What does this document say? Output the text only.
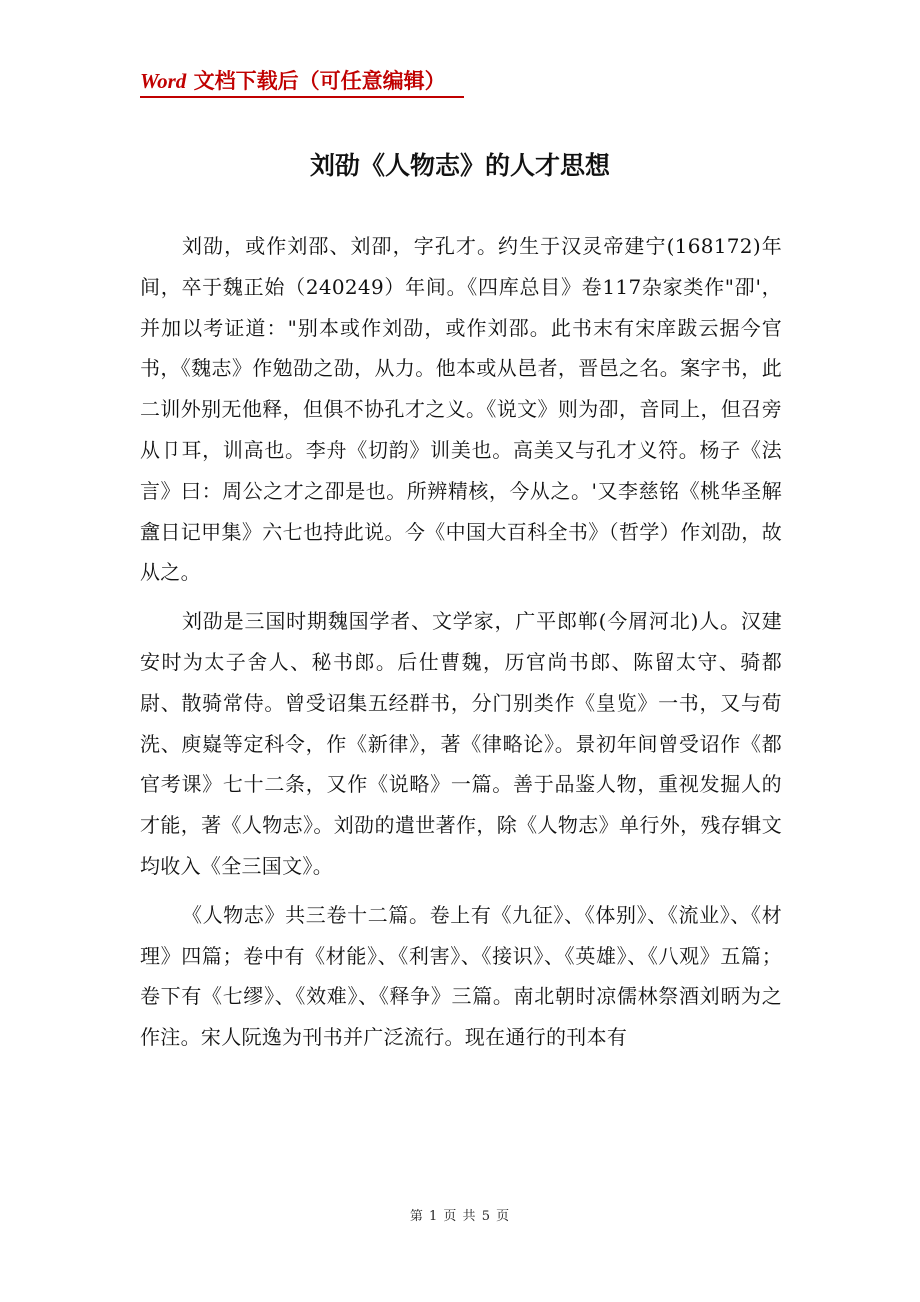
Word 文档下载后（可任意编辑）
刘劭《人物志》的人才思想

刘劭，或作刘邵、刘卲，字孔才。约生于汉灵帝建宁(168172)年间，卒于魏正始（240249）年间。《四库总目》卷117杂家类作"卲'，并加以考证道："别本或作刘劭，或作刘邵。此书末有宋庠跋云据今官书，《魏志》作勉劭之劭，从力。他本或从邑者，晋邑之名。案字书，此二训外别无他释，但俱不协孔才之义。《说文》则为卲，音同上，但召旁从卩耳，训高也。李舟《切韵》训美也。高美又与孔才义符。杨子《法言》曰：周公之才之卲是也。所辨精核，今从之。'又李慈铭《桃华圣解盦日记甲集》六七也持此说。今《中国大百科全书》（哲学）作刘劭，故从之。

刘劭是三国时期魏国学者、文学家，广平郎郸(今屑河北)人。汉建安时为太子舍人、秘书郎。后仕曹魏，历官尚书郎、陈留太守、骑都尉、散骑常侍。曾受诏集五经群书，分门别类作《皇览》一书，又与荀洗、庾嶷等定科令，作《新律》，著《律略论》。景初年间曾受诏作《都官考课》七十二条，又作《说略》一篇。善于品鉴人物，重视发掘人的才能，著《人物志》。刘劭的遣世著作，除《人物志》单行外，残存辑文均收入《全三国文》。

《人物志》共三卷十二篇。卷上有《九征》、《体别》、《流业》、《材理》四篇；卷中有《材能》、《利害》、《接识》、《英雄》、《八观》五篇；卷下有《七缪》、《效难》、《释争》三篇。南北朝时凉儒林祭酒刘昞为之作注。宋人阮逸为刊书并广泛流行。现在通行的刊本有

第 1 页 共 5 页
